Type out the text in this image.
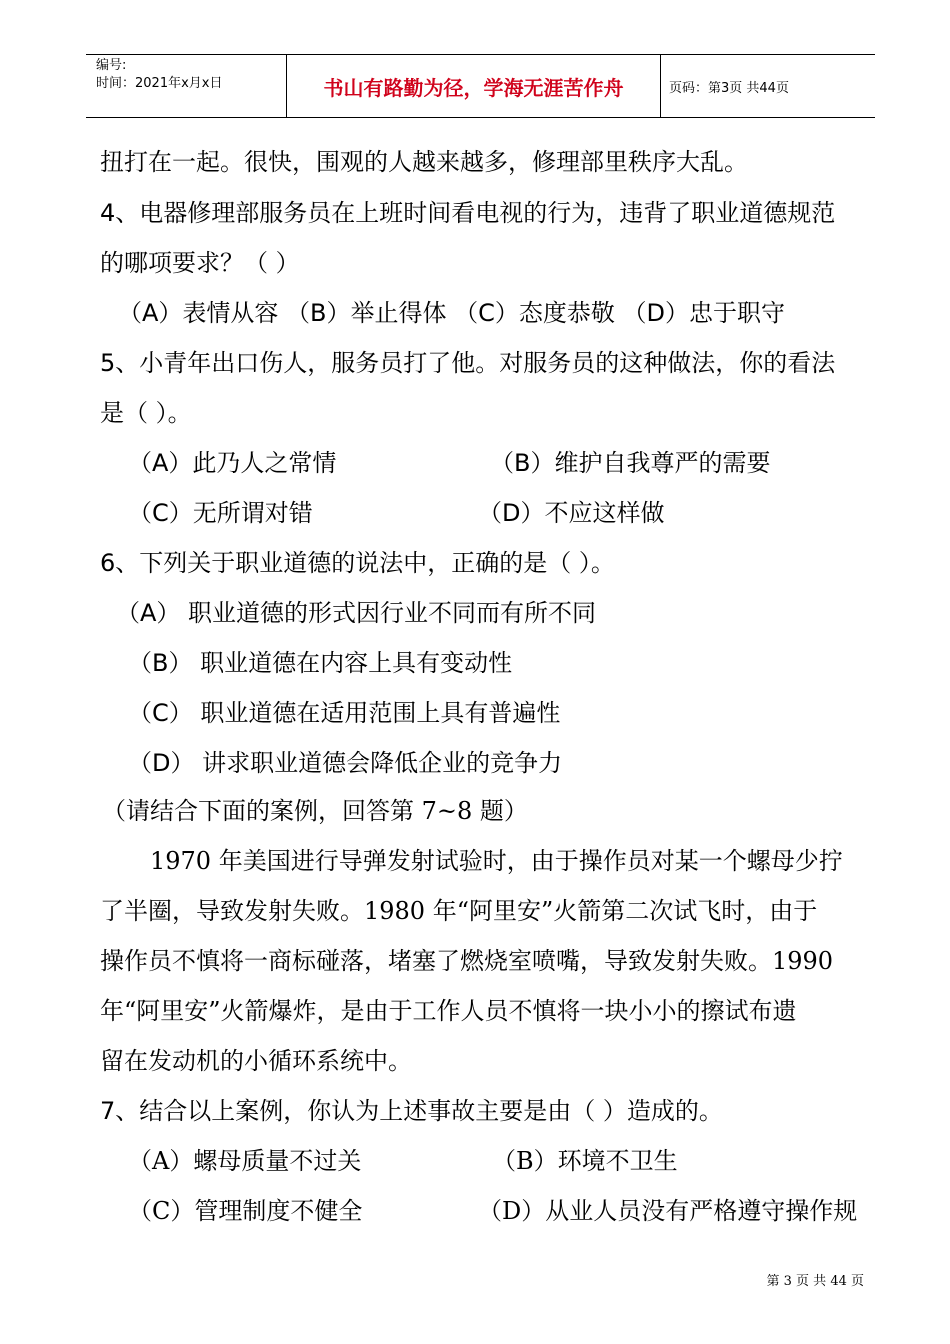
编号:
时间：2021年x月x日	书山有路勤为径，学海无涯苦作舟	页码：第3页 共44页
扭打在一起。很快，围观的人越来越多，修理部里秩序大乱。
4、电器修理部服务员在上班时间看电视的行为，违背了职业道德规范
的哪项要求？（ ）
（A）表情从容 （B）举止得体 （C）态度恭敬 （D）忠于职守
5、小青年出口伤人，服务员打了他。对服务员的这种做法，你的看法
是（ ）。
（A）此乃人之常情	（B）维护自我尊严的需要
（C）无所谓对错	（D）不应这样做
6、下列关于职业道德的说法中，正确的是（ ）。
（A） 职业道德的形式因行业不同而有所不同
（B） 职业道德在内容上具有变动性
（C） 职业道德在适用范围上具有普遍性
（D） 讲求职业道德会降低企业的竞争力
（请结合下面的案例，回答第 7~8 题）
1970 年美国进行导弹发射试验时，由于操作员对某一个螺母少拧
了半圈，导致发射失败。1980 年“阿里安”火箭第二次试飞时，由于
操作员不慎将一商标碰落，堵塞了燃烧室喷嘴，导致发射失败。1990
年“阿里安”火箭爆炸，是由于工作人员不慎将一块小小的擦试布遗
留在发动机的小循环系统中。
7、结合以上案例，你认为上述事故主要是由（ ）造成的。
（A）螺母质量不过关	（B）环境不卫生
（C）管理制度不健全	（D）从业人员没有严格遵守操作规
第 3 页 共 44 页
